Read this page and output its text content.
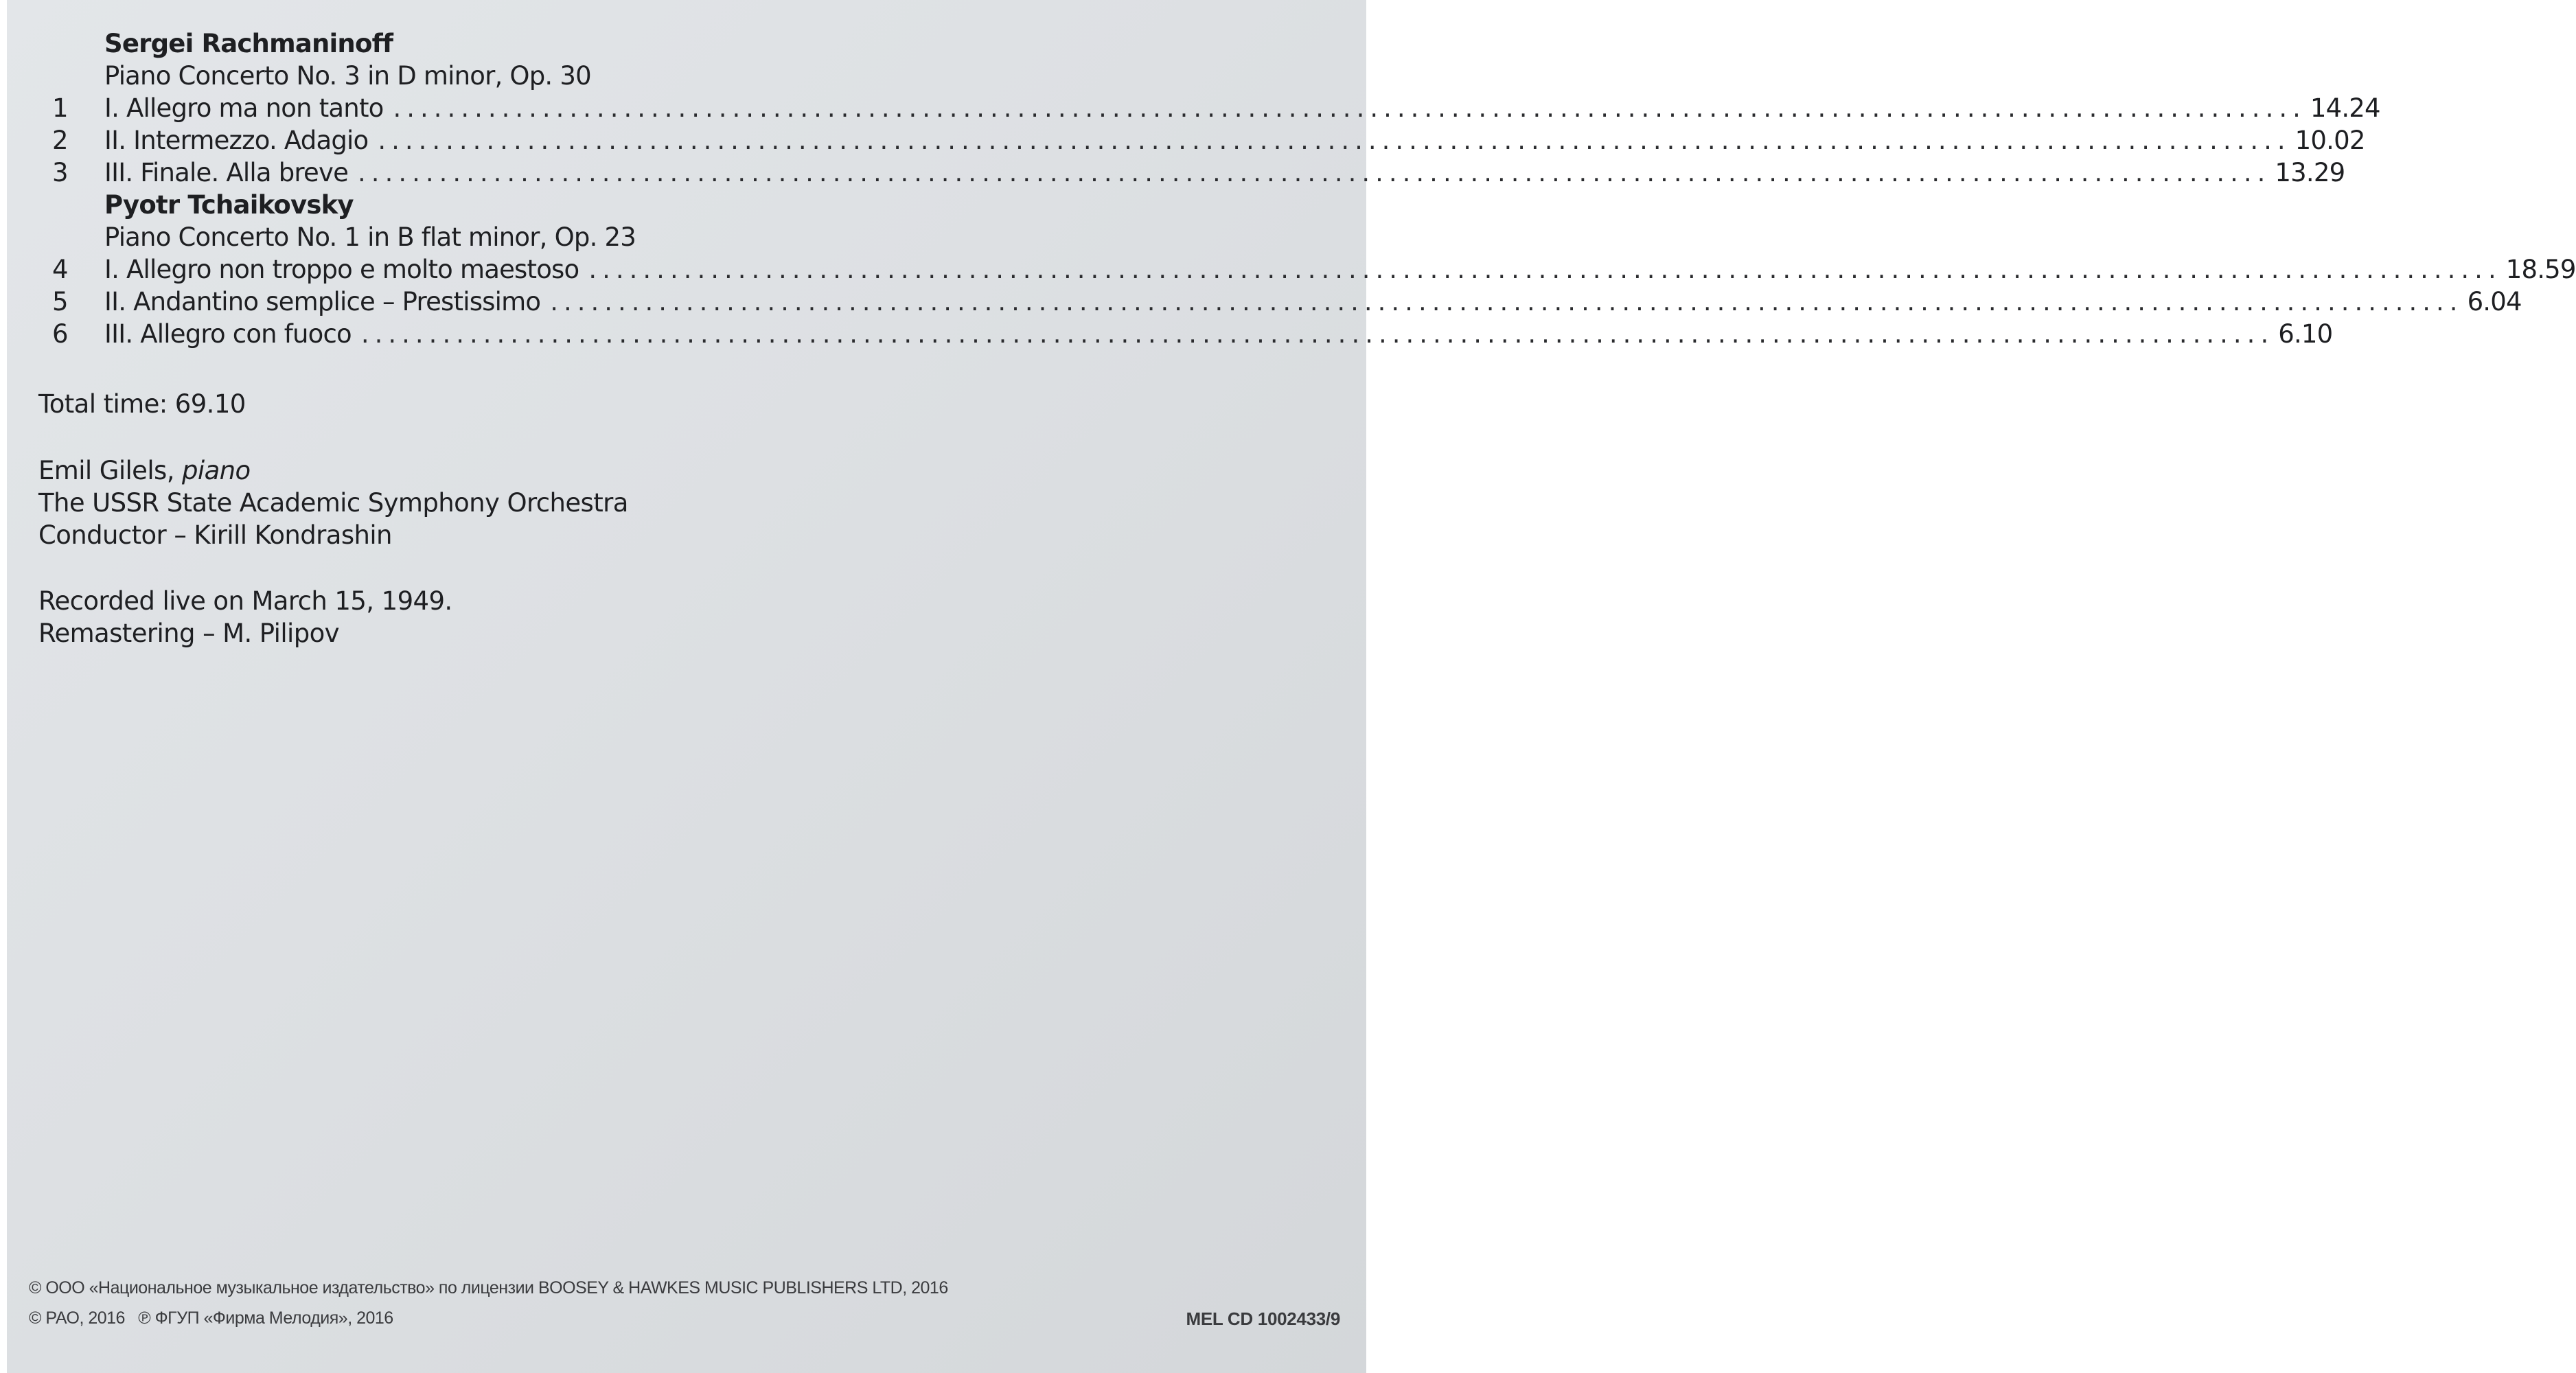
Sergei Rachmaninoff
Piano Concerto No. 3 in D minor, Op. 30
1	I. Allegro ma non tanto ............................................................................................................................................. 14.24
2	II. Intermezzo. Adagio ............................................................................................................................................. 10.02
3	III. Finale. Alla breve ............................................................................................................................................. 13.29
Pyotr Tchaikovsky
Piano Concerto No. 1 in B flat minor, Op. 23
4	I. Allegro non troppo e molto maestoso ............................................................................................................................................. 18.59
5	II. Andantino semplice – Prestissimo ............................................................................................................................................. 6.04
6	III. Allegro con fuoco ............................................................................................................................................. 6.10
Total time: 69.10
Emil Gilels, piano
The USSR State Academic Symphony Orchestra
Conductor – Kirill Kondrashin
Recorded live on March 15, 1949.
Remastering – M. Pilipov
© ООО «Национальное музыкальное издательство» по лицензии BOOSEY & HAWKES MUSIC PUBLISHERS LTD, 2016
© РАО, 2016   ℗ ФГУП «Фирма Мелодия», 2016	MEL CD 1002433/9
